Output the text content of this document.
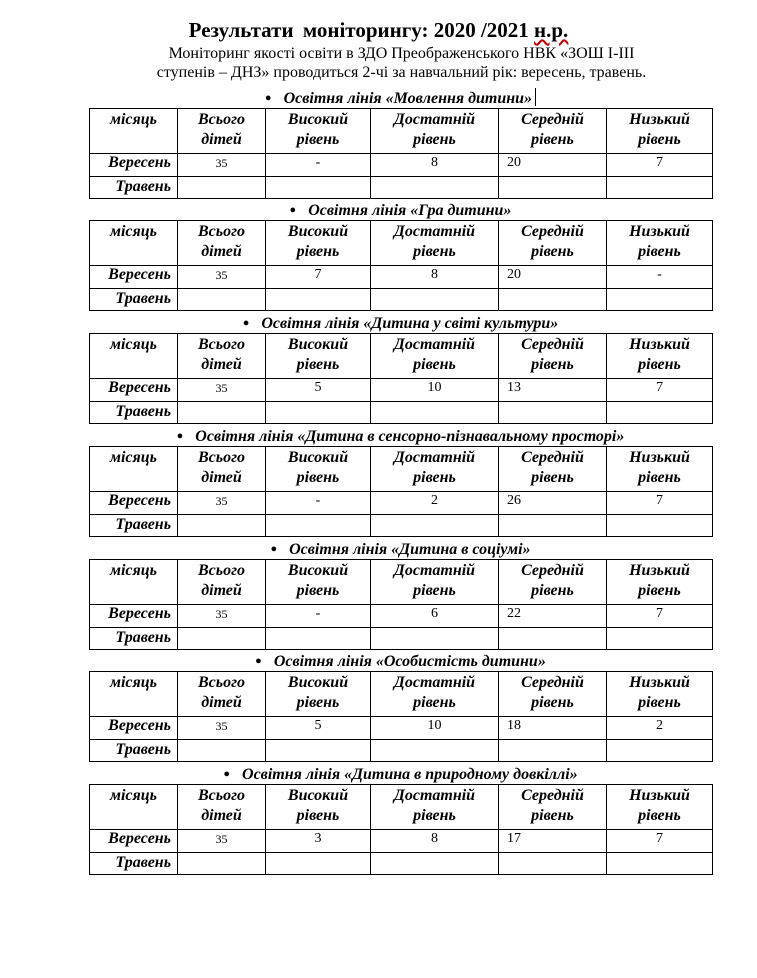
Результати моніторингу: 2020 /2021 н.р.

Моніторинг якості освіти в ЗДО Преображенського НВК «ЗОШ І-ІІІ
ступенів – ДНЗ» проводиться 2-чі за навчальний рік: вересень, травень.

● Освітня лінія «Мовлення дитини»
місяць	Всього дітей	Високий рівень	Достатній рівень	Середній рівень	Низький рівень
Вересень	35	-	8	20	7
Травень					
● Освітня лінія «Гра дитини»
місяць	Всього дітей	Високий рівень	Достатній рівень	Середній рівень	Низький рівень
Вересень	35	7	8	20	-
Травень					
● Освітня лінія «Дитина у світі культури»
місяць	Всього дітей	Високий рівень	Достатній рівень	Середній рівень	Низький рівень
Вересень	35	5	10	13	7
Травень					
● Освітня лінія «Дитина в сенсорно-пізнавальному просторі»
місяць	Всього дітей	Високий рівень	Достатній рівень	Середній рівень	Низький рівень
Вересень	35	-	2	26	7
Травень					
● Освітня лінія «Дитина в соціумі»
місяць	Всього дітей	Високий рівень	Достатній рівень	Середній рівень	Низький рівень
Вересень	35	-	6	22	7
Травень					
● Освітня лінія «Особистість дитини»
місяць	Всього дітей	Високий рівень	Достатній рівень	Середній рівень	Низький рівень
Вересень	35	5	10	18	2
Травень					
● Освітня лінія «Дитина в природному довкіллі»
місяць	Всього дітей	Високий рівень	Достатній рівень	Середній рівень	Низький рівень
Вересень	35	3	8	17	7
Травень					
